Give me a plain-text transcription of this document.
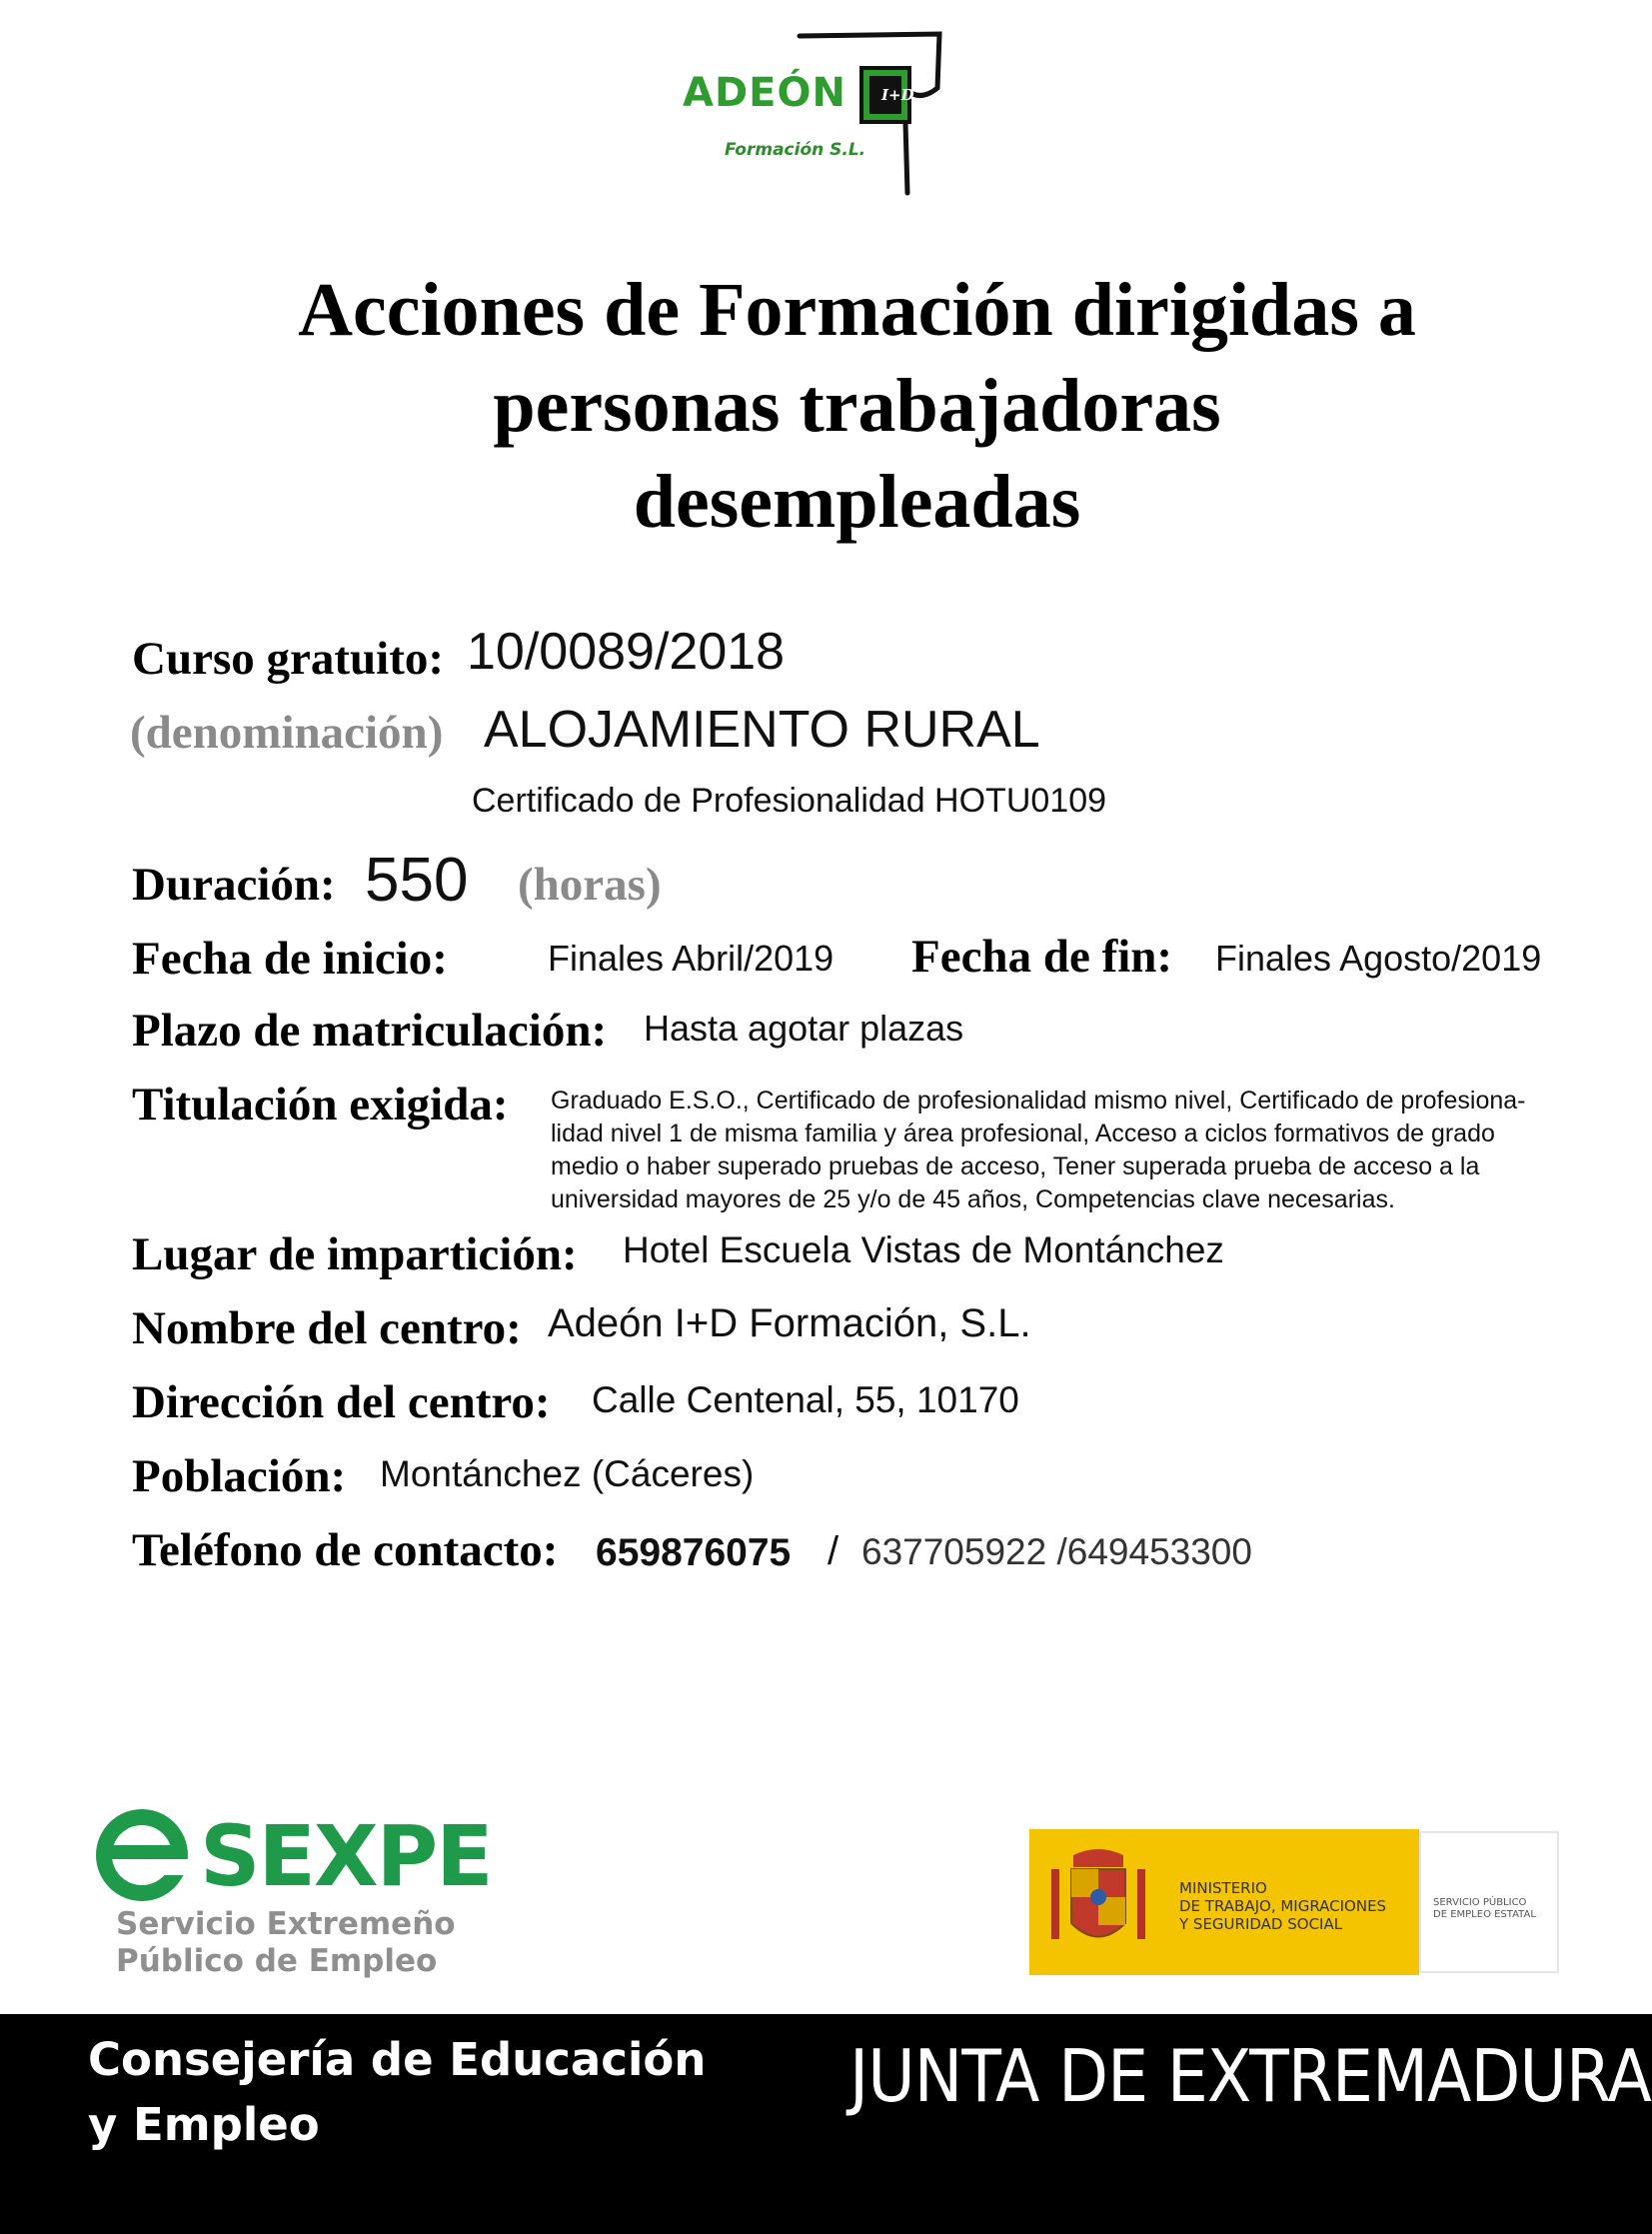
ADEÓN I+D
Formación S.L.
Acciones de Formación dirigidas a
personas trabajadoras
desempleadas
Curso gratuito: 10/0089/2018
(denominación) ALOJAMIENTO RURAL
Certificado de Profesionalidad HOTU0109
Duración: 550 (horas)
Fecha de inicio:	Finales Abril/2019 Fecha de fin: Finales Agosto/2019
Plazo de matriculación: Hasta agotar plazas
Titulación exigida: Graduado E.S.O., Certificado de profesionalidad mismo nivel, Certificado de profesiona-
lidad nivel 1 de misma familia y área profesional, Acceso a ciclos formativos de grado
medio o haber superado pruebas de acceso, Tener superada prueba de acceso a la
universidad mayores de 25 y/o de 45 años, Competencias clave necesarias.
Lugar de impartición: Hotel Escuela Vistas de Montánchez
Nombre del centro: Adeón I+D Formación, S.L.
Dirección del centro: Calle Centenal, 55, 10170
Población: Montánchez (Cáceres)
Teléfono de contacto: 659876075 / 637705922 /649453300
SEXPE
Servicio Extremeño
Público de Empleo
MINISTERIO
DE TRABAJO, MIGRACIONES
Y SEGURIDAD SOCIAL
SERVICIO PÚBLICO
DE EMPLEO ESTATAL
Consejería de Educación
y Empleo
JUNTA DE EXTREMADURA
